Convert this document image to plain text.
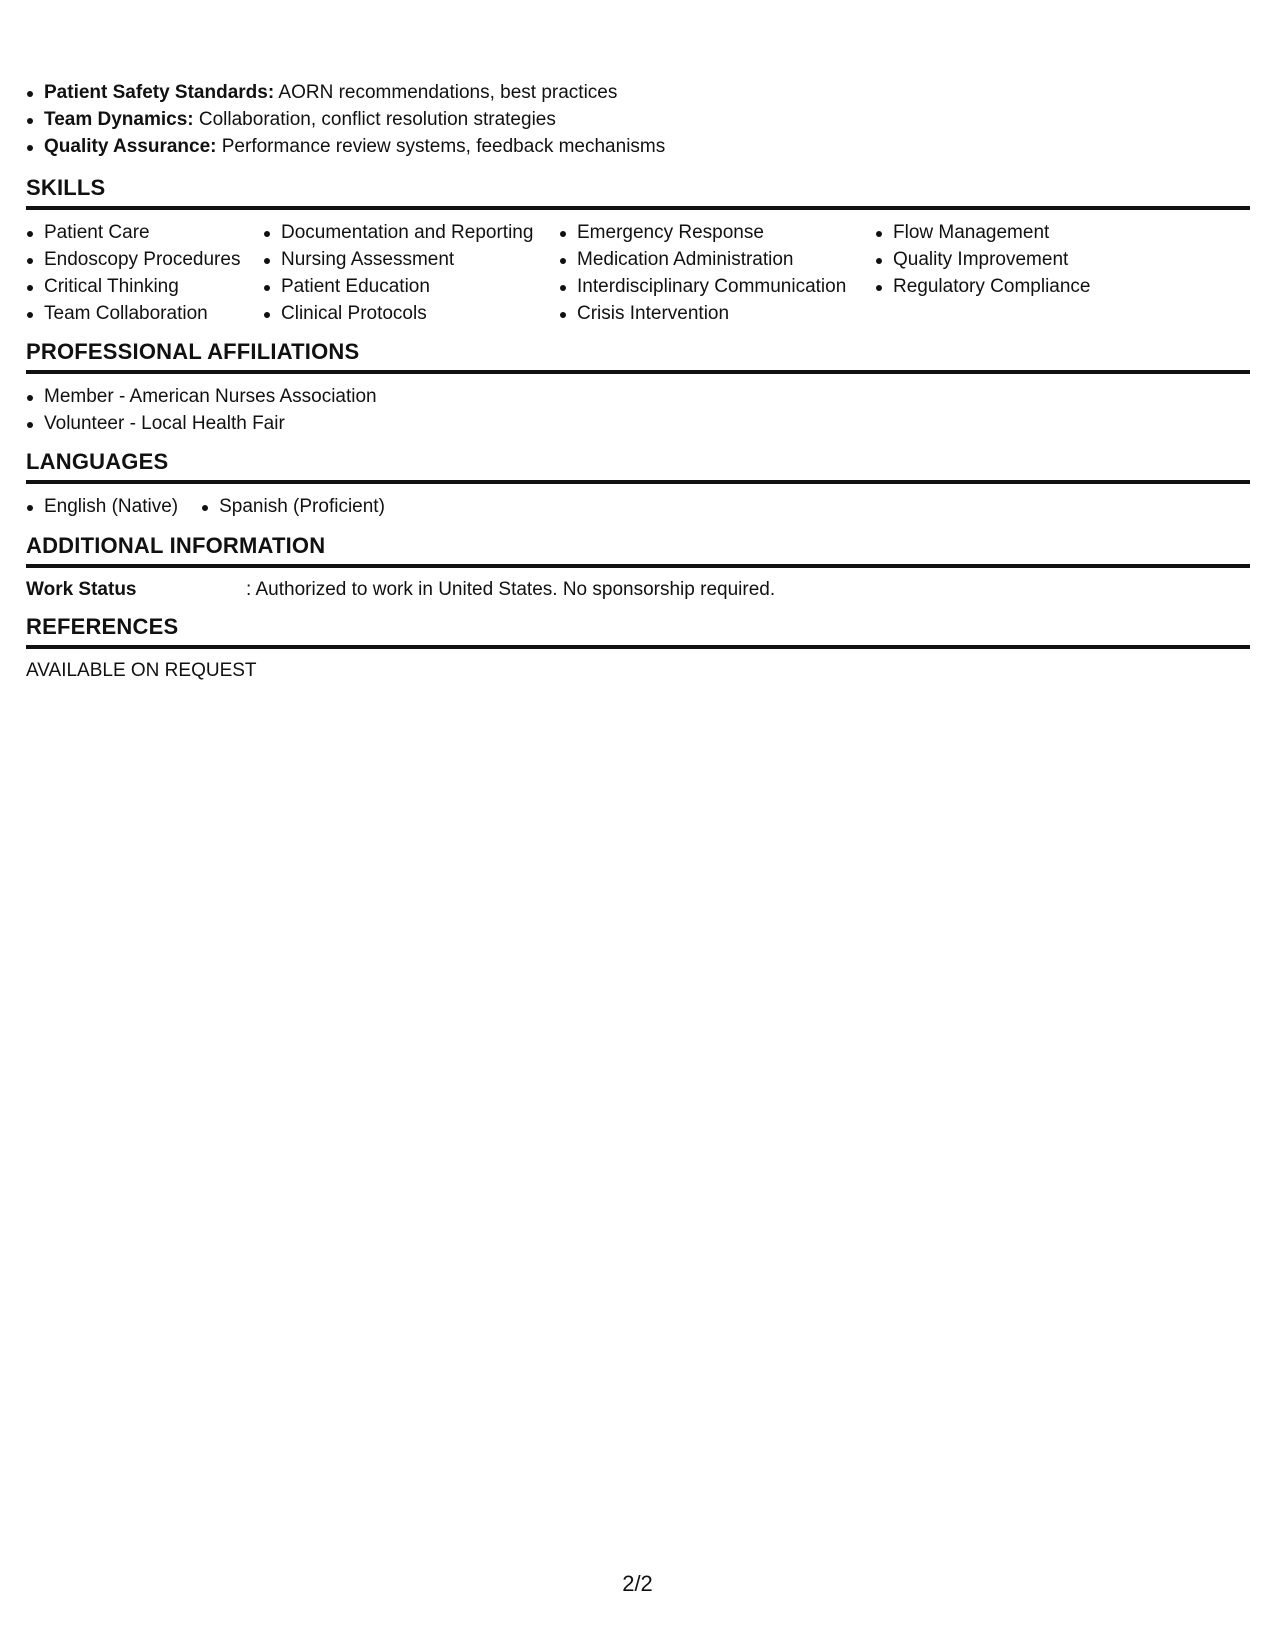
Patient Safety Standards: AORN recommendations, best practices
Team Dynamics: Collaboration, conflict resolution strategies
Quality Assurance: Performance review systems, feedback mechanisms
SKILLS
Patient Care
Endoscopy Procedures
Critical Thinking
Team Collaboration
Documentation and Reporting
Nursing Assessment
Patient Education
Clinical Protocols
Emergency Response
Medication Administration
Interdisciplinary Communication
Crisis Intervention
Flow Management
Quality Improvement
Regulatory Compliance
PROFESSIONAL AFFILIATIONS
Member - American Nurses Association
Volunteer - Local Health Fair
LANGUAGES
English (Native)	Spanish (Proficient)
ADDITIONAL INFORMATION
Work Status	: Authorized to work in United States. No sponsorship required.
REFERENCES
AVAILABLE ON REQUEST
2/2
